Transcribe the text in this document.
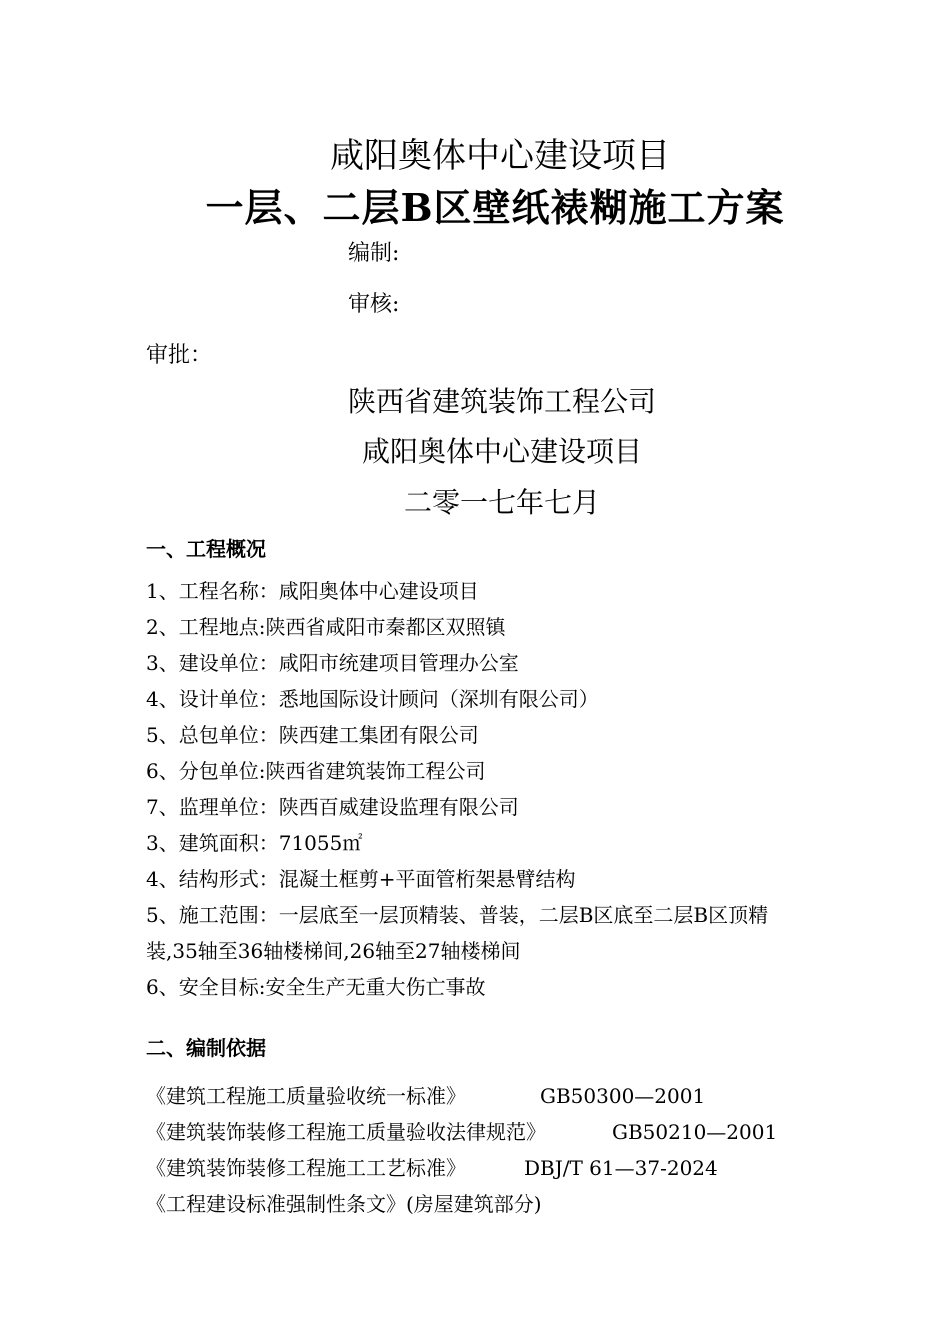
咸阳奥体中心建设项目
一层、二层B区壁纸裱糊施工方案
编制:
审核:
审批：
陕西省建筑装饰工程公司
咸阳奥体中心建设项目
二零一七年七月
一、工程概况
1、工程名称：咸阳奥体中心建设项目
2、工程地点:陕西省咸阳市秦都区双照镇
3、建设单位：咸阳市统建项目管理办公室
4、设计单位：悉地国际设计顾问（深圳有限公司）
5、总包单位：陕西建工集团有限公司
6、分包单位:陕西省建筑装饰工程公司
7、监理单位：陕西百威建设监理有限公司
3、建筑面积：71055㎡
4、结构形式：混凝土框剪+平面管桁架悬臂结构
5、施工范围：一层底至一层顶精装、普装，二层B区底至二层B区顶精
装,35轴至36轴楼梯间,26轴至27轴楼梯间
6、安全目标:安全生产无重大伤亡事故
二、编制依据
《建筑工程施工质量验收统一标准》	GB50300—2001
《建筑装饰装修工程施工质量验收法律规范》	GB50210—2001
《建筑装饰装修工程施工工艺标准》	DBJ/T 61—37-2024
《工程建设标准强制性条文》(房屋建筑部分)
